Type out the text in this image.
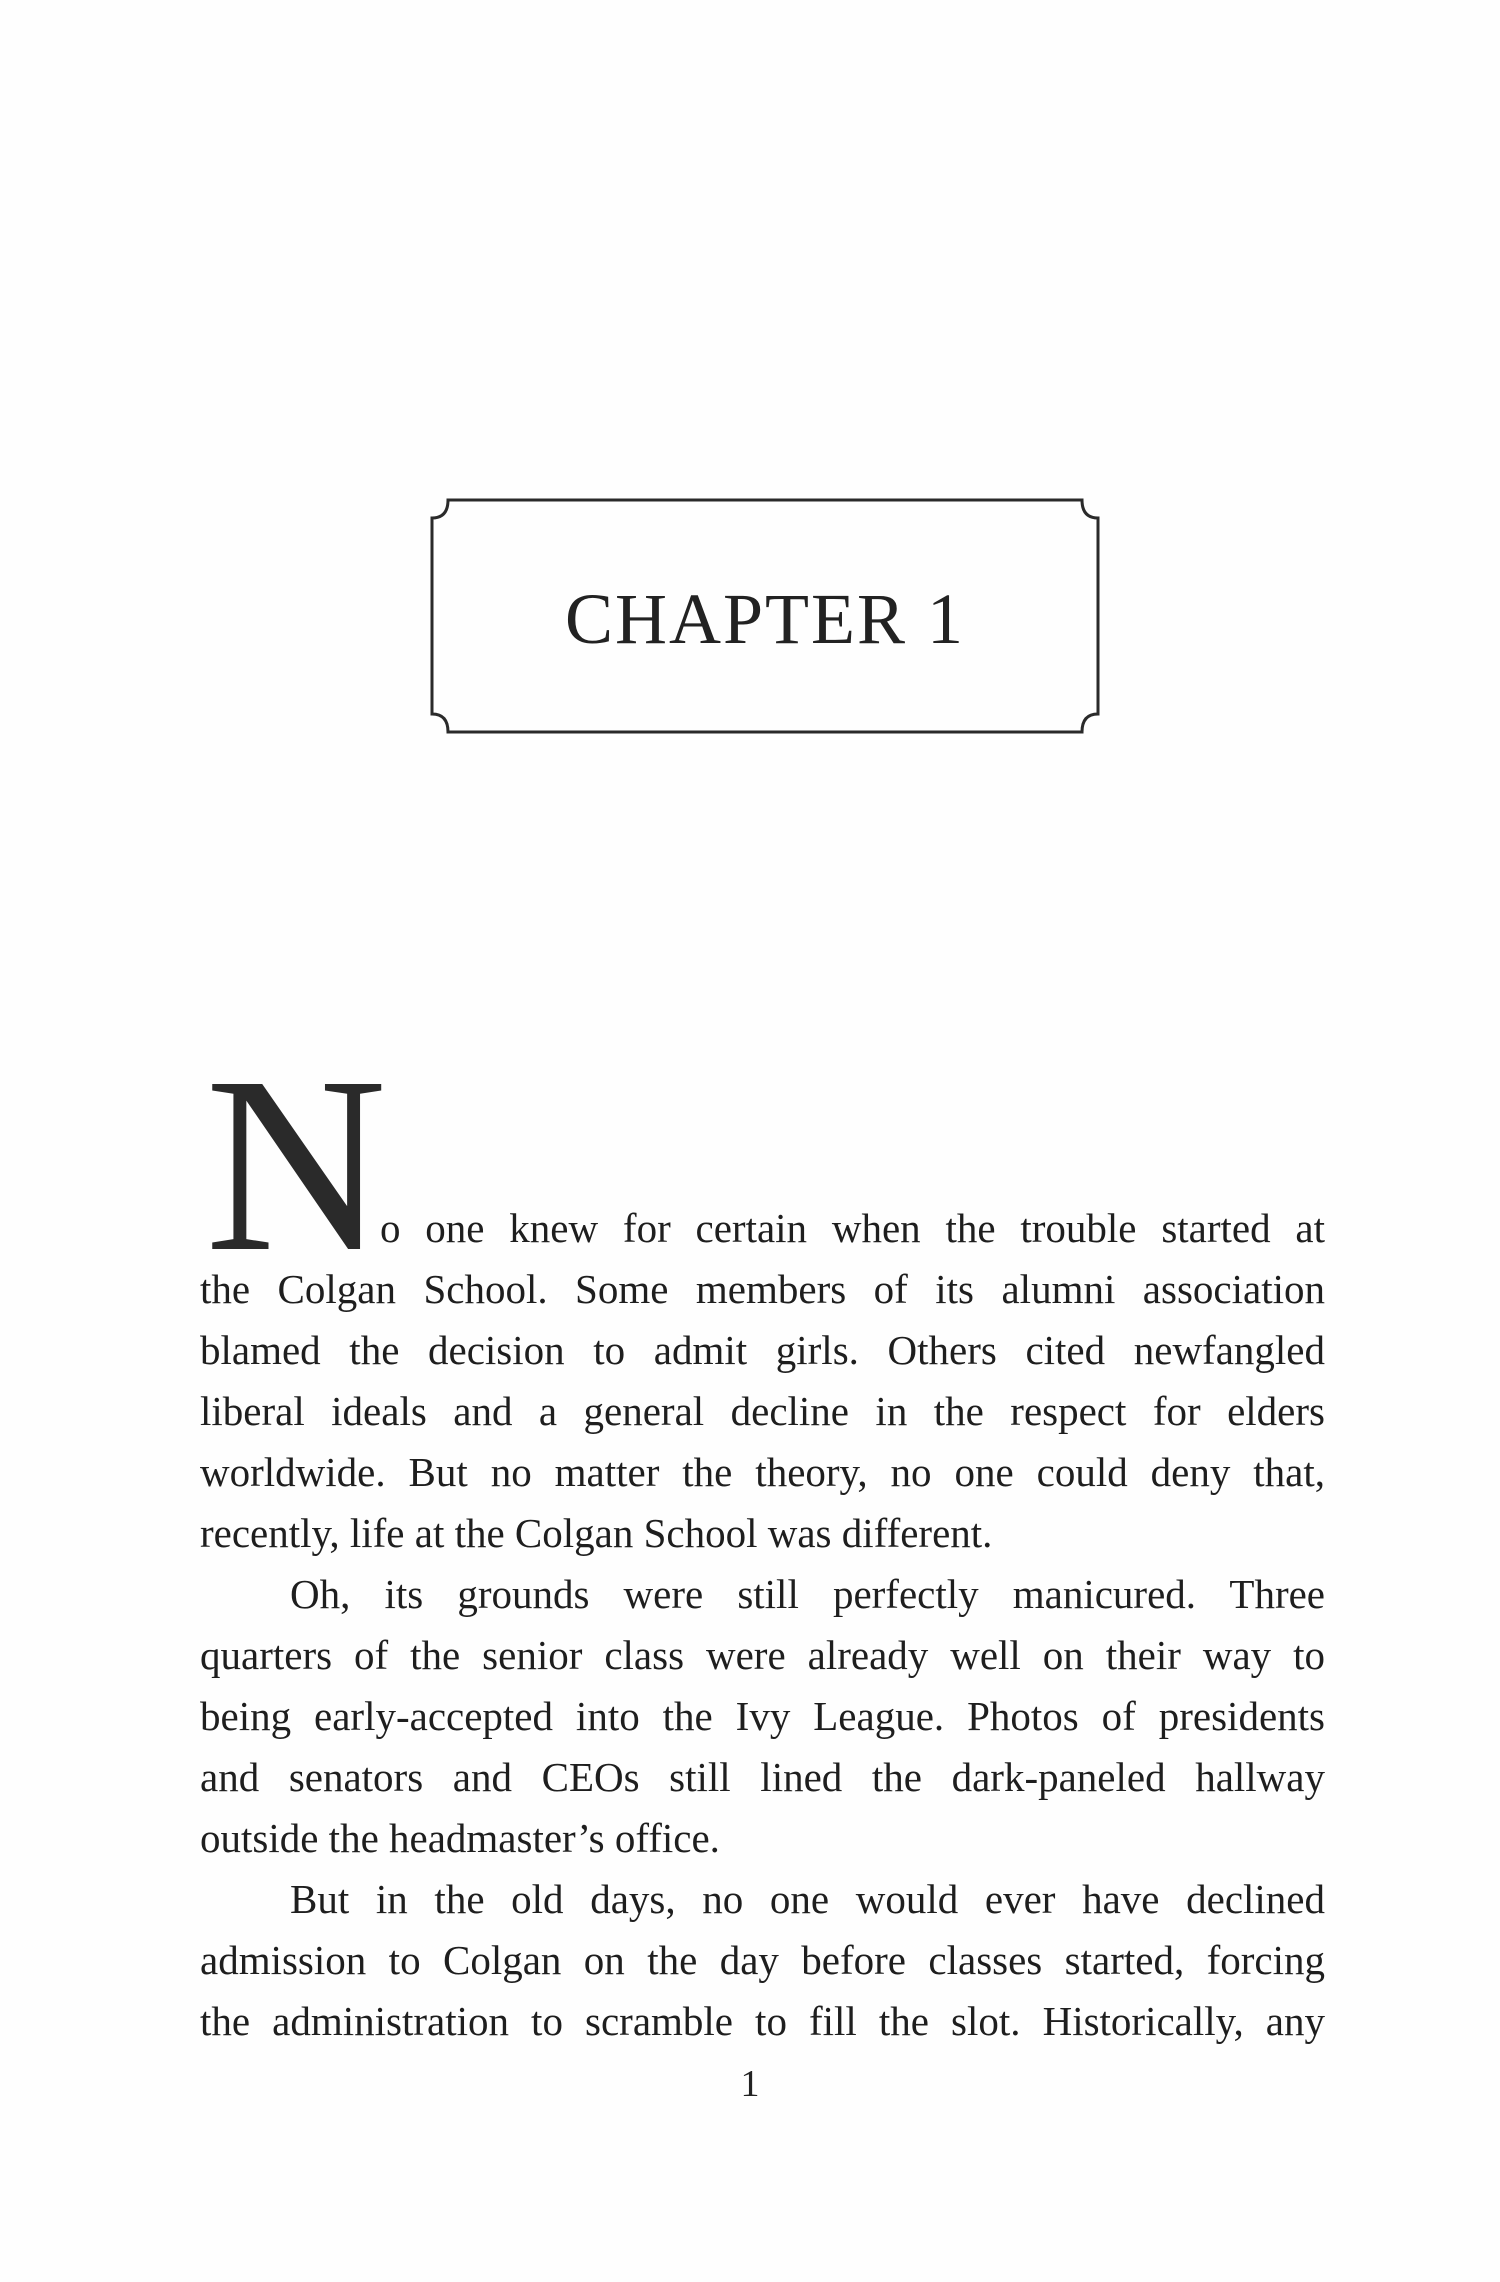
CHAPTER 1
N
o one knew for certain when the trouble started at
the Colgan School. Some members of its alumni association
blamed the decision to admit girls. Others cited newfangled
liberal ideals and a general decline in the respect for elders
worldwide. But no matter the theory, no one could deny that,
recently, life at the Colgan School was different.
Oh, its grounds were still perfectly manicured. Three
quarters of the senior class were already well on their way to
being early-accepted into the Ivy League. Photos of presidents
and senators and CEOs still lined the dark-paneled hallway
outside the headmaster’s office.
But in the old days, no one would ever have declined
admission to Colgan on the day before classes started, forcing
the administration to scramble to fill the slot. Historically, any
1
